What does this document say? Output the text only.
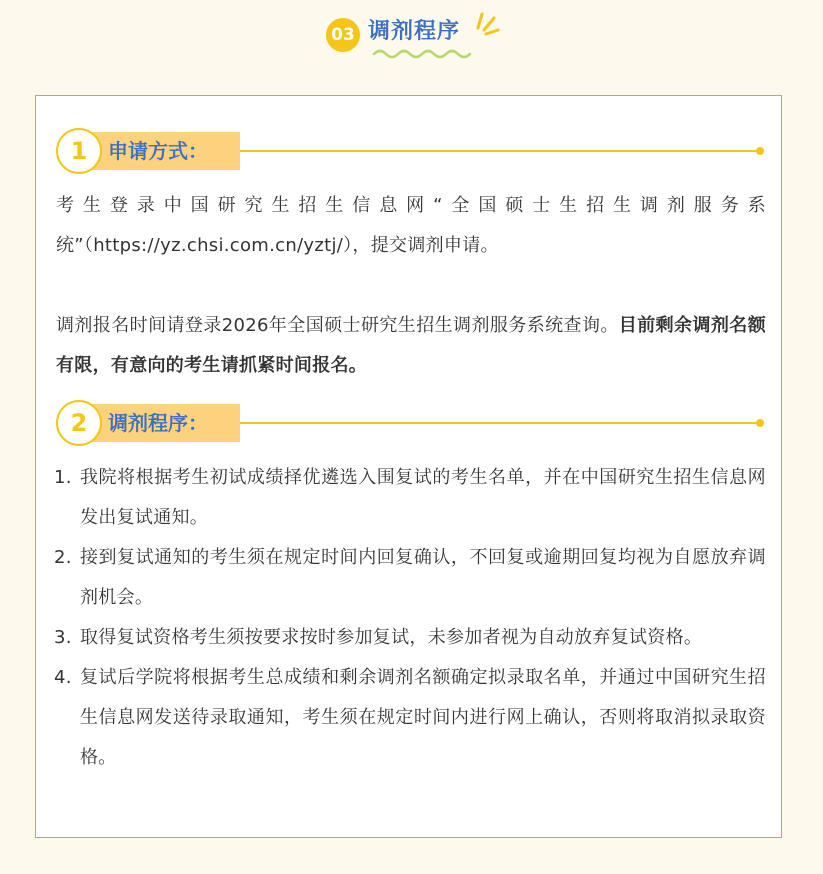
03 调剂程序
申请方式：
1
考生登录中国研究生招生信息网“全国硕士生招生调剂服务系统”（https://yz.chsi.com.cn/yztj/），提交调剂申请。
调剂报名时间请登录2026年全国硕士研究生招生调剂服务系统查询。目前剩余调剂名额有限，有意向的考生请抓紧时间报名。
调剂程序：
2
1. 我院将根据考生初试成绩择优遴选入围复试的考生名单，并在中国研究生招生信息网发出复试通知。
2. 接到复试通知的考生须在规定时间内回复确认，不回复或逾期回复均视为自愿放弃调剂机会。
3. 取得复试资格考生须按要求按时参加复试，未参加者视为自动放弃复试资格。
4. 复试后学院将根据考生总成绩和剩余调剂名额确定拟录取名单，并通过中国研究生招生信息网发送待录取通知，考生须在规定时间内进行网上确认，否则将取消拟录取资格。
